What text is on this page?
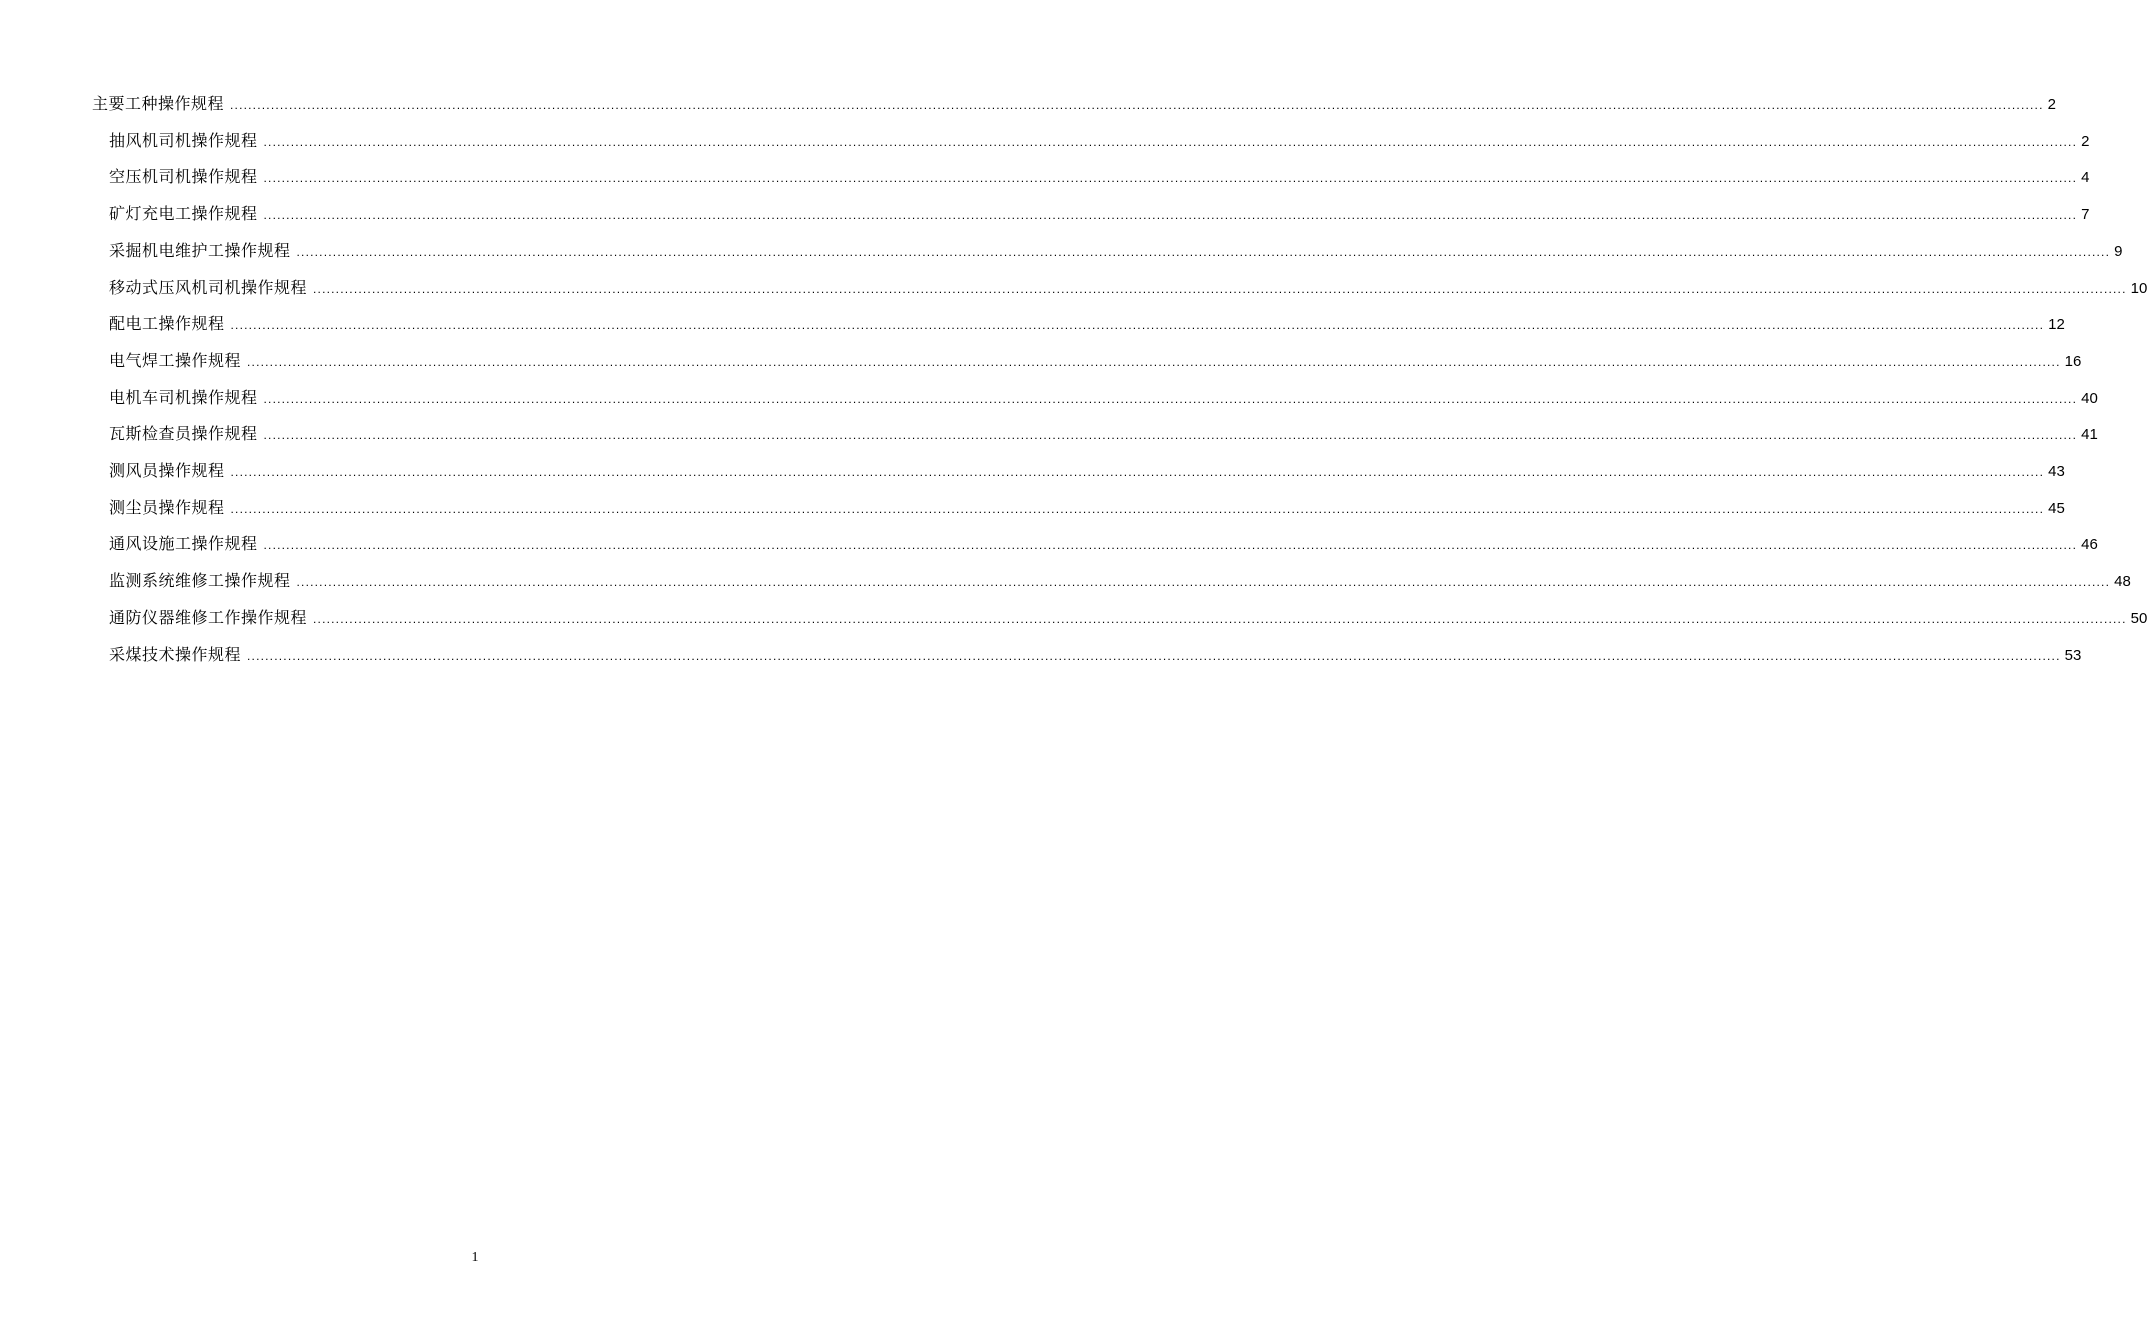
主要工种操作规程 ................................................................................................................................................................................................................................................................................................................................................................................................................ 2
抽风机司机操作规程 ................................................................................................................................................................................................................................................................................................................................................................................................................ 2
空压机司机操作规程 ................................................................................................................................................................................................................................................................................................................................................................................................................ 4
矿灯充电工操作规程 ................................................................................................................................................................................................................................................................................................................................................................................................................ 7
采掘机电维护工操作规程 ................................................................................................................................................................................................................................................................................................................................................................................................................ 9
移动式压风机司机操作规程 ................................................................................................................................................................................................................................................................................................................................................................................................................ 10
配电工操作规程 ................................................................................................................................................................................................................................................................................................................................................................................................................ 12
电气焊工操作规程 ................................................................................................................................................................................................................................................................................................................................................................................................................ 16
电机车司机操作规程 ................................................................................................................................................................................................................................................................................................................................................................................................................ 40
瓦斯检查员操作规程 ................................................................................................................................................................................................................................................................................................................................................................................................................ 41
测风员操作规程 ................................................................................................................................................................................................................................................................................................................................................................................................................ 43
测尘员操作规程 ................................................................................................................................................................................................................................................................................................................................................................................................................ 45
通风设施工操作规程 ................................................................................................................................................................................................................................................................................................................................................................................................................ 46
监测系统维修工操作规程 ................................................................................................................................................................................................................................................................................................................................................................................................................ 48
通防仪器维修工作操作规程 ................................................................................................................................................................................................................................................................................................................................................................................................................ 50
采煤技术操作规程 ................................................................................................................................................................................................................................................................................................................................................................................................................ 53
1
